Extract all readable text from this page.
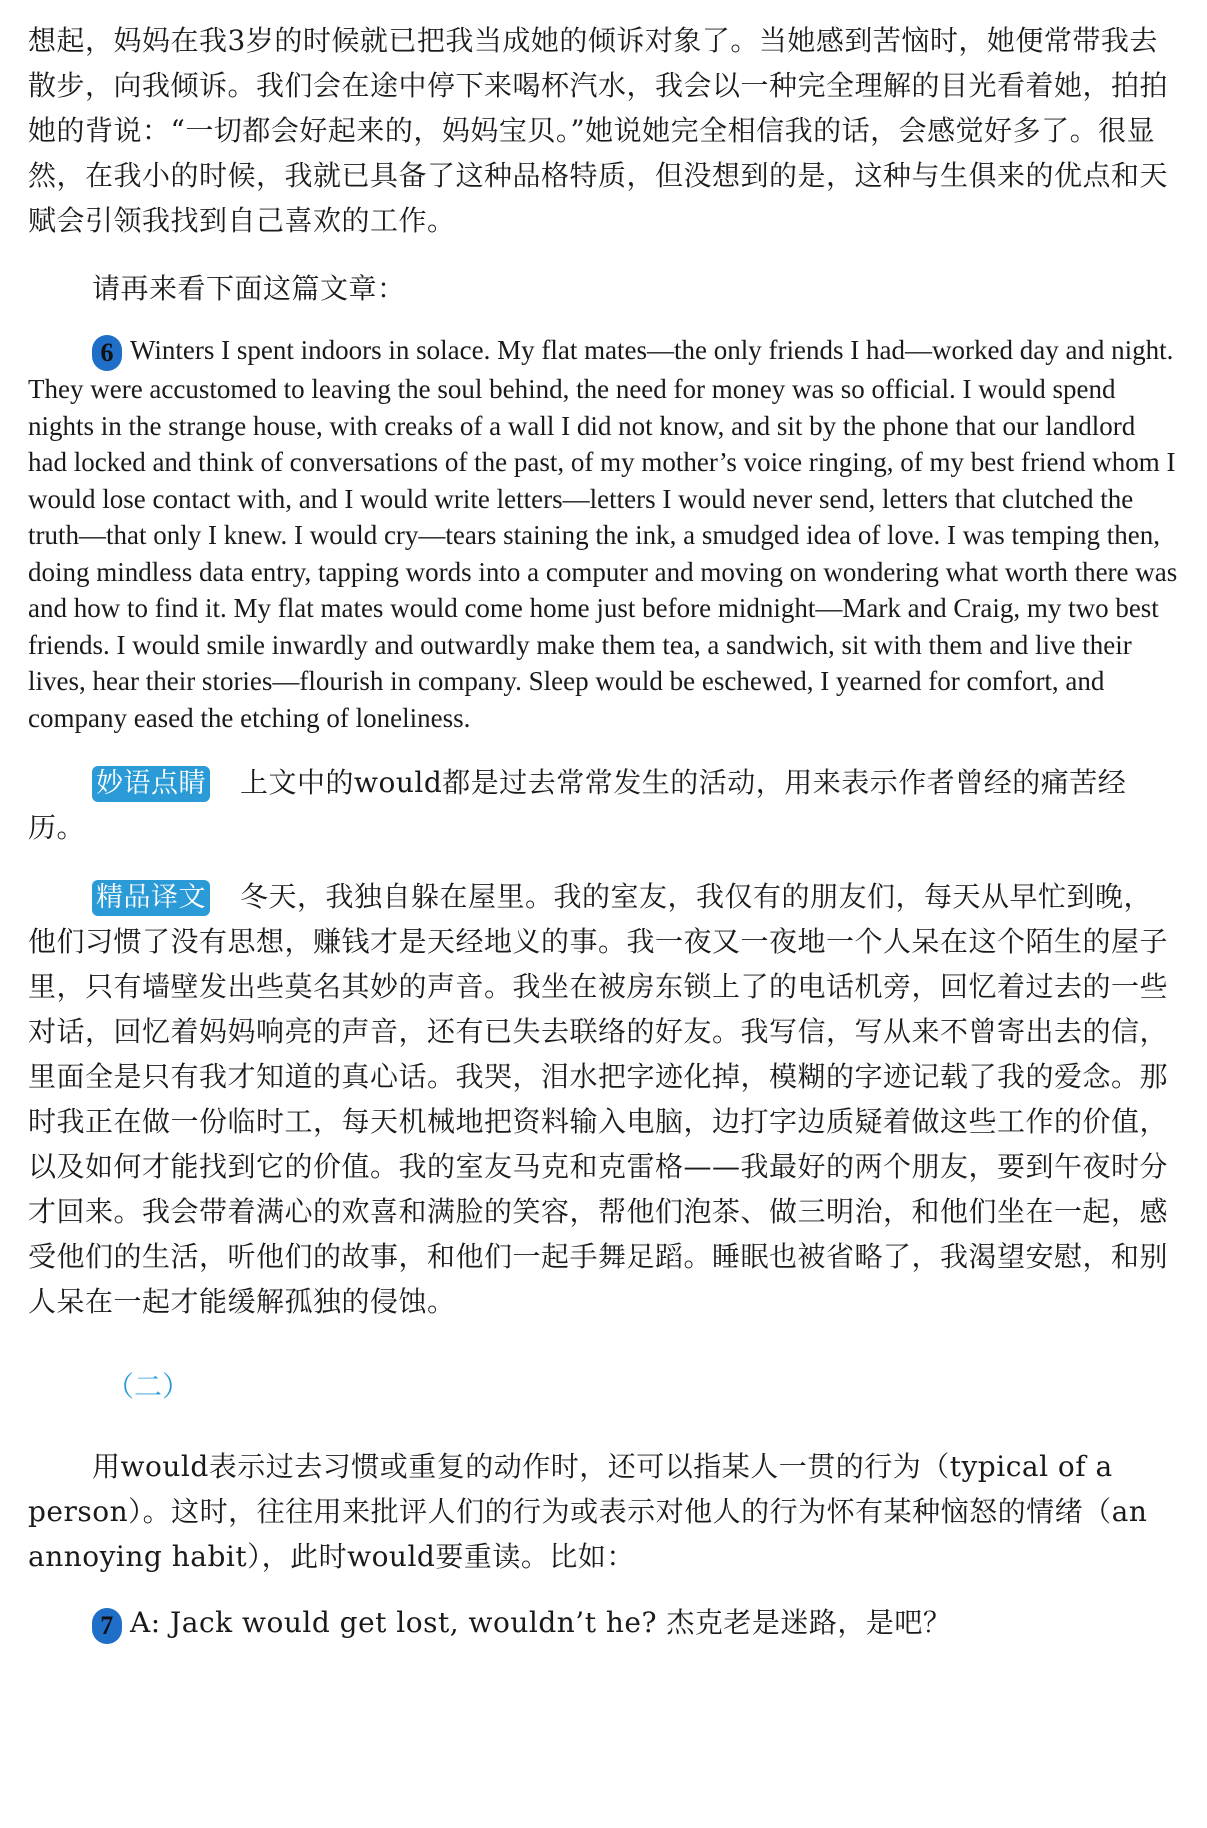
想起，妈妈在我3岁的时候就已把我当成她的倾诉对象了。当她感到苦恼时，她便常带我去散步，向我倾诉。我们会在途中停下来喝杯汽水，我会以一种完全理解的目光看着她，拍拍她的背说：“一切都会好起来的，妈妈宝贝。”她说她完全相信我的话，会感觉好多了。很显然，在我小的时候，我就已具备了这种品格特质，但没想到的是，这种与生俱来的优点和天赋会引领我找到自己喜欢的工作。

请再来看下面这篇文章：

6 Winters I spent indoors in solace. My flat mates—the only friends I had—worked day and night. They were accustomed to leaving the soul behind, the need for money was so official. I would spend nights in the strange house, with creaks of a wall I did not know, and sit by the phone that our landlord had locked and think of conversations of the past, of my mother’s voice ringing, of my best friend whom I would lose contact with, and I would write letters—letters I would never send, letters that clutched the truth—that only I knew. I would cry—tears staining the ink, a smudged idea of love. I was temping then, doing mindless data entry, tapping words into a computer and moving on wondering what worth there was and how to find it. My flat mates would come home just before midnight—Mark and Craig, my two best friends. I would smile inwardly and outwardly make them tea, a sandwich, sit with them and live their lives, hear their stories—flourish in company. Sleep would be eschewed, I yearned for comfort, and company eased the etching of loneliness.

妙语点睛 上文中的would都是过去常常发生的活动，用来表示作者曾经的痛苦经历。

精品译文 冬天，我独自躲在屋里。我的室友，我仅有的朋友们，每天从早忙到晚，他们习惯了没有思想，赚钱才是天经地义的事。我一夜又一夜地一个人呆在这个陌生的屋子里，只有墙壁发出些莫名其妙的声音。我坐在被房东锁上了的电话机旁，回忆着过去的一些对话，回忆着妈妈响亮的声音，还有已失去联络的好友。我写信，写从来不曾寄出去的信，里面全是只有我才知道的真心话。我哭，泪水把字迹化掉，模糊的字迹记载了我的爱念。那时我正在做一份临时工，每天机械地把资料输入电脑，边打字边质疑着做这些工作的价值，以及如何才能找到它的价值。我的室友马克和克雷格——我最好的两个朋友，要到午夜时分才回来。我会带着满心的欢喜和满脸的笑容，帮他们泡茶、做三明治，和他们坐在一起，感受他们的生活，听他们的故事，和他们一起手舞足蹈。睡眠也被省略了，我渴望安慰，和别人呆在一起才能缓解孤独的侵蚀。

（二）

用would表示过去习惯或重复的动作时，还可以指某人一贯的行为（typical of a person）。这时，往往用来批评人们的行为或表示对他人的行为怀有某种恼怒的情绪（an annoying habit），此时would要重读。比如：

7 A: Jack would get lost, wouldn’t he? 杰克老是迷路，是吧？
